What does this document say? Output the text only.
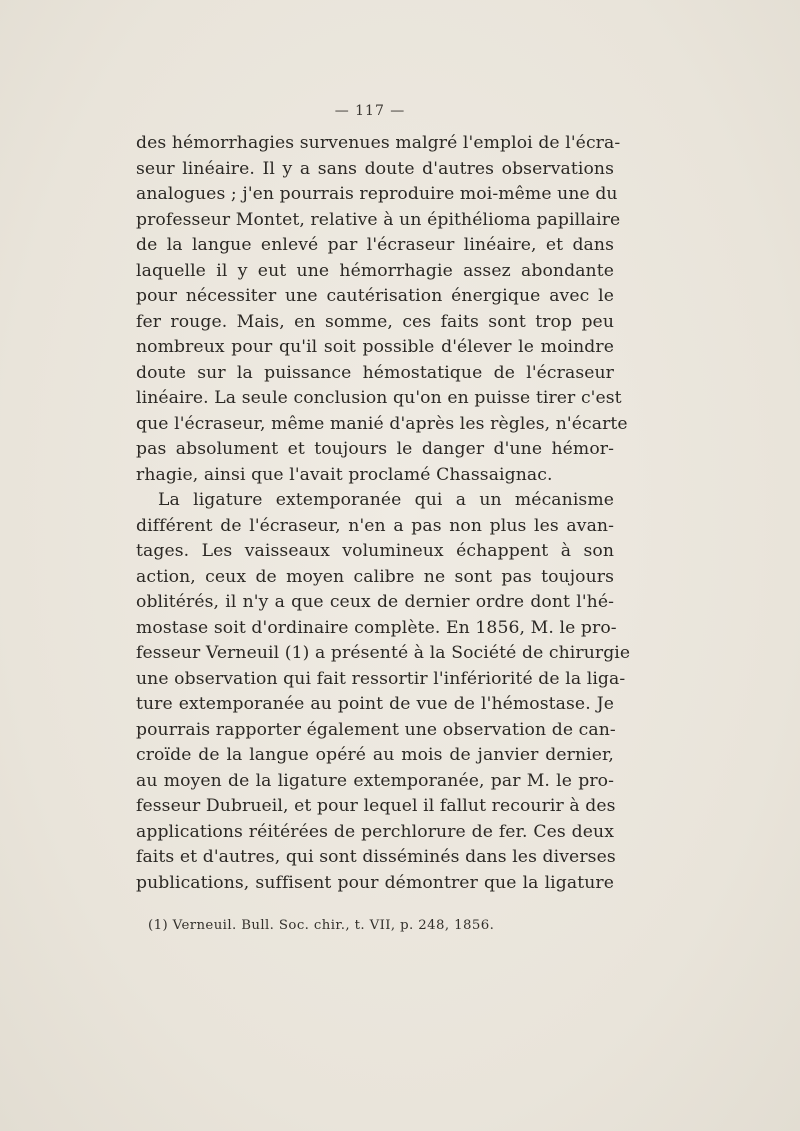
— 117 —
des hémorrhagies survenues malgré l'emploi de l'écra-
seur linéaire. Il y a sans doute d'autres observations
analogues ; j'en pourrais reproduire moi-même une du
professeur Montet, relative à un épithélioma papillaire
de la langue enlevé par l'écraseur linéaire, et dans
laquelle il y eut une hémorrhagie assez abondante
pour nécessiter une cautérisation énergique avec le
fer rouge. Mais, en somme, ces faits sont trop peu
nombreux pour qu'il soit possible d'élever le moindre
doute sur la puissance hémostatique de l'écraseur
linéaire. La seule conclusion qu'on en puisse tirer c'est
que l'écraseur, même manié d'après les règles, n'écarte
pas absolument et toujours le danger d'une hémor-
rhagie, ainsi que l'avait proclamé Chassaignac.
La ligature extemporanée qui a un mécanisme
différent de l'écraseur, n'en a pas non plus les avan-
tages. Les vaisseaux volumineux échappent à son
action, ceux de moyen calibre ne sont pas toujours
oblitérés, il n'y a que ceux de dernier ordre dont l'hé-
mostase soit d'ordinaire complète. En 1856, M. le pro-
fesseur Verneuil (1) a présenté à la Société de chirurgie
une observation qui fait ressortir l'infériorité de la liga-
ture extemporanée au point de vue de l'hémostase. Je
pourrais rapporter également une observation de can-
croïde de la langue opéré au mois de janvier dernier,
au moyen de la ligature extemporanée, par M. le pro-
fesseur Dubrueil, et pour lequel il fallut recourir à des
applications réitérées de perchlorure de fer. Ces deux
faits et d'autres, qui sont disséminés dans les diverses
publications, suffisent pour démontrer que la ligature
(1) Verneuil. Bull. Soc. chir., t. VII, p. 248, 1856.
